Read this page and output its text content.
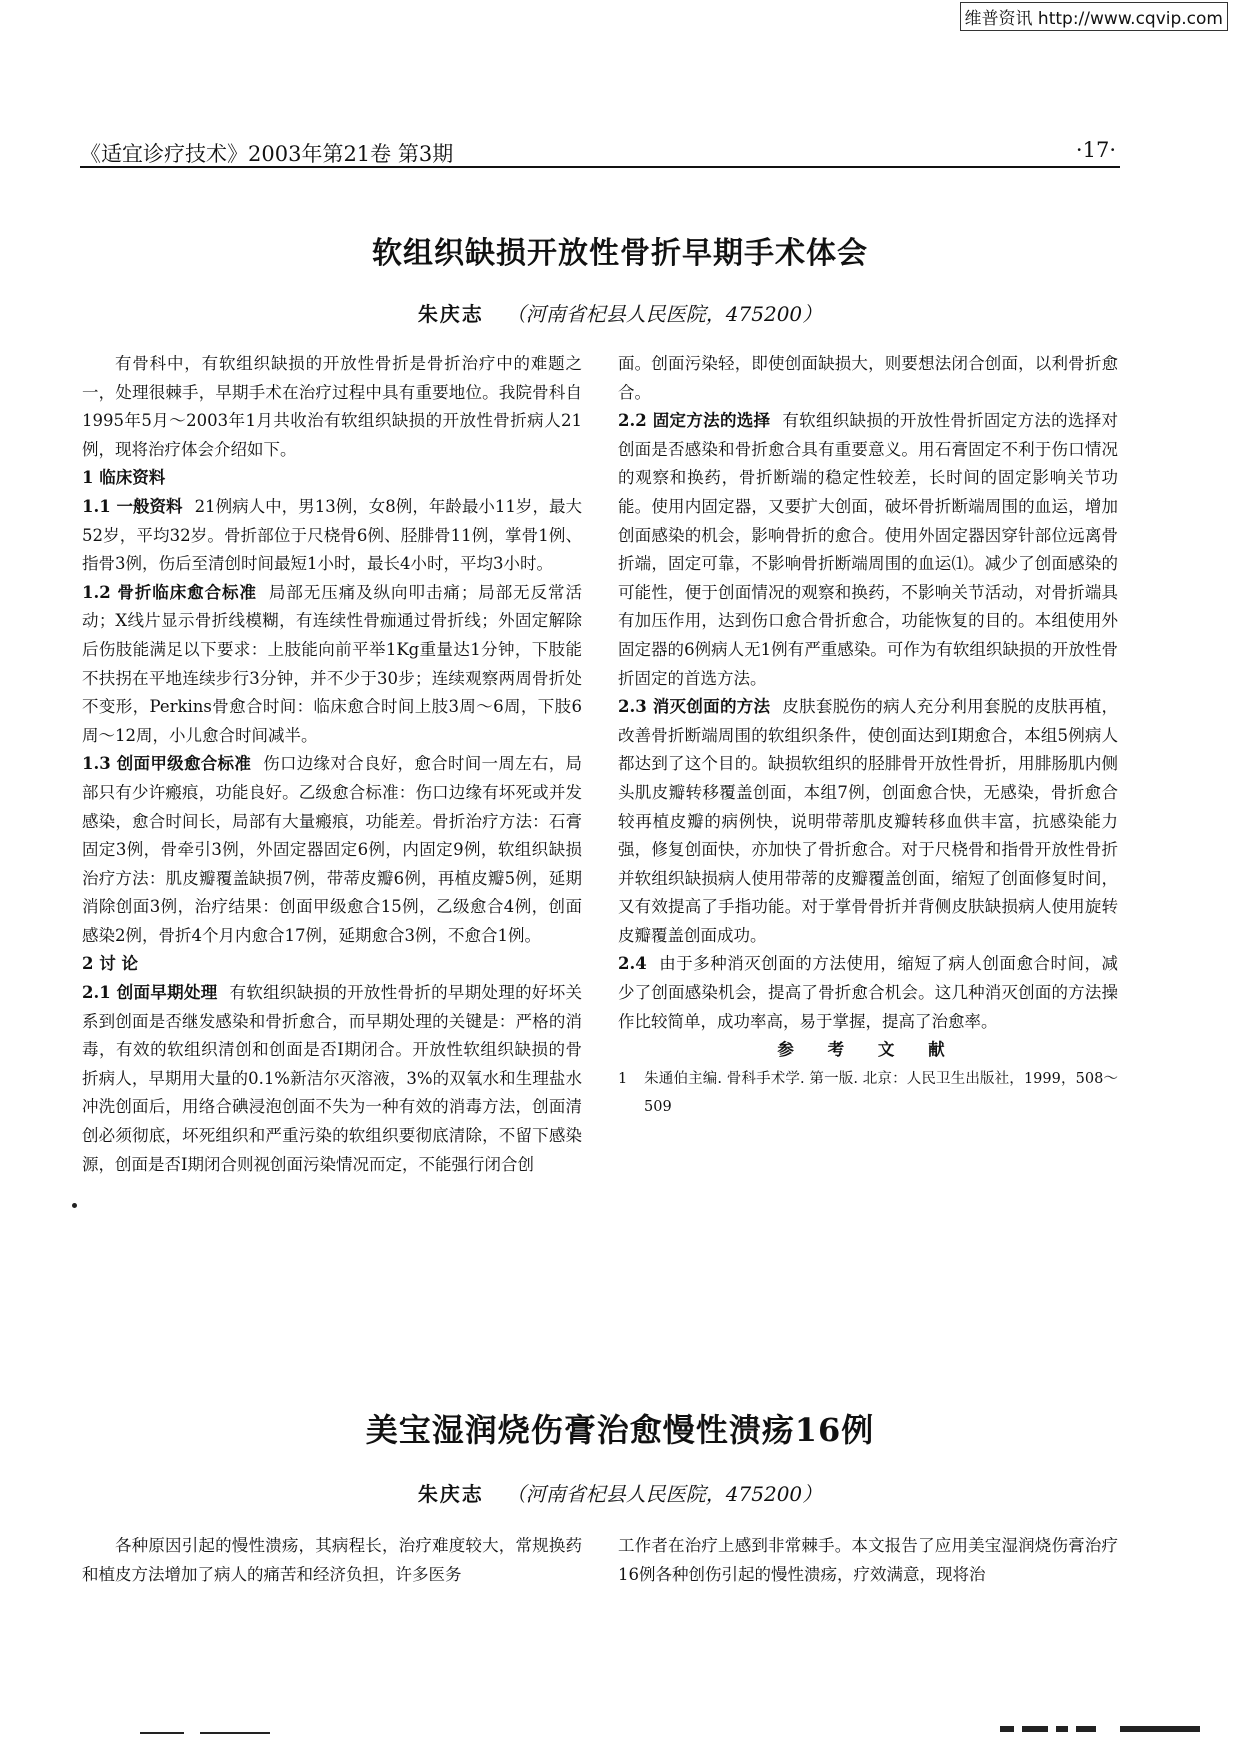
维普资讯 http://www.cqvip.com
《适宜诊疗技术》2003年第21卷 第3期	·17·
软组织缺损开放性骨折早期手术体会
朱庆志 （河南省杞县人民医院，475200）

有骨科中，有软组织缺损的开放性骨折是骨折治疗中的难题之一，处理很棘手，早期手术在治疗过程中具有重要地位。我院骨科自1995年5月～2003年1月共收治有软组织缺损的开放性骨折病人21例，现将治疗体会介绍如下。

1 临床资料

1.1 一般资料 21例病人中，男13例，女8例，年龄最小11岁，最大52岁，平均32岁。骨折部位于尺桡骨6例、胫腓骨11例，掌骨1例、指骨3例，伤后至清创时间最短1小时，最长4小时，平均3小时。

1.2 骨折临床愈合标准 局部无压痛及纵向叩击痛；局部无反常活动；X线片显示骨折线模糊，有连续性骨痂通过骨折线；外固定解除后伤肢能满足以下要求：上肢能向前平举1Kg重量达1分钟，下肢能不扶拐在平地连续步行3分钟，并不少于30步；连续观察两周骨折处不变形，Perkins骨愈合时间：临床愈合时间上肢3周～6周，下肢6周～12周，小儿愈合时间减半。

1.3 创面甲级愈合标准 伤口边缘对合良好，愈合时间一周左右，局部只有少许瘢痕，功能良好。乙级愈合标准：伤口边缘有坏死或并发感染，愈合时间长，局部有大量瘢痕，功能差。骨折治疗方法：石膏固定3例，骨牵引3例，外固定器固定6例，内固定9例，软组织缺损治疗方法：肌皮瓣覆盖缺损7例，带蒂皮瓣6例，再植皮瓣5例，延期消除创面3例，治疗结果：创面甲级愈合15例，乙级愈合4例，创面感染2例，骨折4个月内愈合17例，延期愈合3例，不愈合1例。

2 讨 论

2.1 创面早期处理 有软组织缺损的开放性骨折的早期处理的好坏关系到创面是否继发感染和骨折愈合，而早期处理的关键是：严格的消毒，有效的软组织清创和创面是否Ⅰ期闭合。开放性软组织缺损的骨折病人，早期用大量的0.1%新洁尔灭溶液，3%的双氧水和生理盐水冲洗创面后，用络合碘浸泡创面不失为一种有效的消毒方法，创面清创必须彻底，坏死组织和严重污染的软组织要彻底清除，不留下感染源，创面是否Ⅰ期闭合则视创面污染情况而定，不能强行闭合创

面。创面污染轻，即使创面缺损大，则要想法闭合创面，以利骨折愈合。

2.2 固定方法的选择 有软组织缺损的开放性骨折固定方法的选择对创面是否感染和骨折愈合具有重要意义。用石膏固定不利于伤口情况的观察和换药，骨折断端的稳定性较差，长时间的固定影响关节功能。使用内固定器，又要扩大创面，破坏骨折断端周围的血运，增加创面感染的机会，影响骨折的愈合。使用外固定器因穿针部位远离骨折端，固定可靠，不影响骨折断端周围的血运⑴。减少了创面感染的可能性，便于创面情况的观察和换药，不影响关节活动，对骨折端具有加压作用，达到伤口愈合骨折愈合，功能恢复的目的。本组使用外固定器的6例病人无1例有严重感染。可作为有软组织缺损的开放性骨折固定的首选方法。

2.3 消灭创面的方法 皮肤套脱伤的病人充分利用套脱的皮肤再植，改善骨折断端周围的软组织条件，使创面达到Ⅰ期愈合，本组5例病人都达到了这个目的。缺损软组织的胫腓骨开放性骨折，用腓肠肌内侧头肌皮瓣转移覆盖创面，本组7例，创面愈合快，无感染，骨折愈合较再植皮瓣的病例快，说明带蒂肌皮瓣转移血供丰富，抗感染能力强，修复创面快，亦加快了骨折愈合。对于尺桡骨和指骨开放性骨折并软组织缺损病人使用带蒂的皮瓣覆盖创面，缩短了创面修复时间，又有效提高了手指功能。对于掌骨骨折并背侧皮肤缺损病人使用旋转皮瓣覆盖创面成功。

2.4 由于多种消灭创面的方法使用，缩短了病人创面愈合时间，减少了创面感染机会，提高了骨折愈合机会。这几种消灭创面的方法操作比较简单，成功率高，易于掌握，提高了治愈率。

参 考 文 献

1 朱通伯主编. 骨科手术学. 第一版. 北京：人民卫生出版社，1999，508～509

美宝湿润烧伤膏治愈慢性溃疡16例
朱庆志 （河南省杞县人民医院，475200）

各种原因引起的慢性溃疡，其病程长，治疗难度较大，常规换药和植皮方法增加了病人的痛苦和经济负担，许多医务

工作者在治疗上感到非常棘手。本文报告了应用美宝湿润烧伤膏治疗16例各种创伤引起的慢性溃疡，疗效满意，现将治
